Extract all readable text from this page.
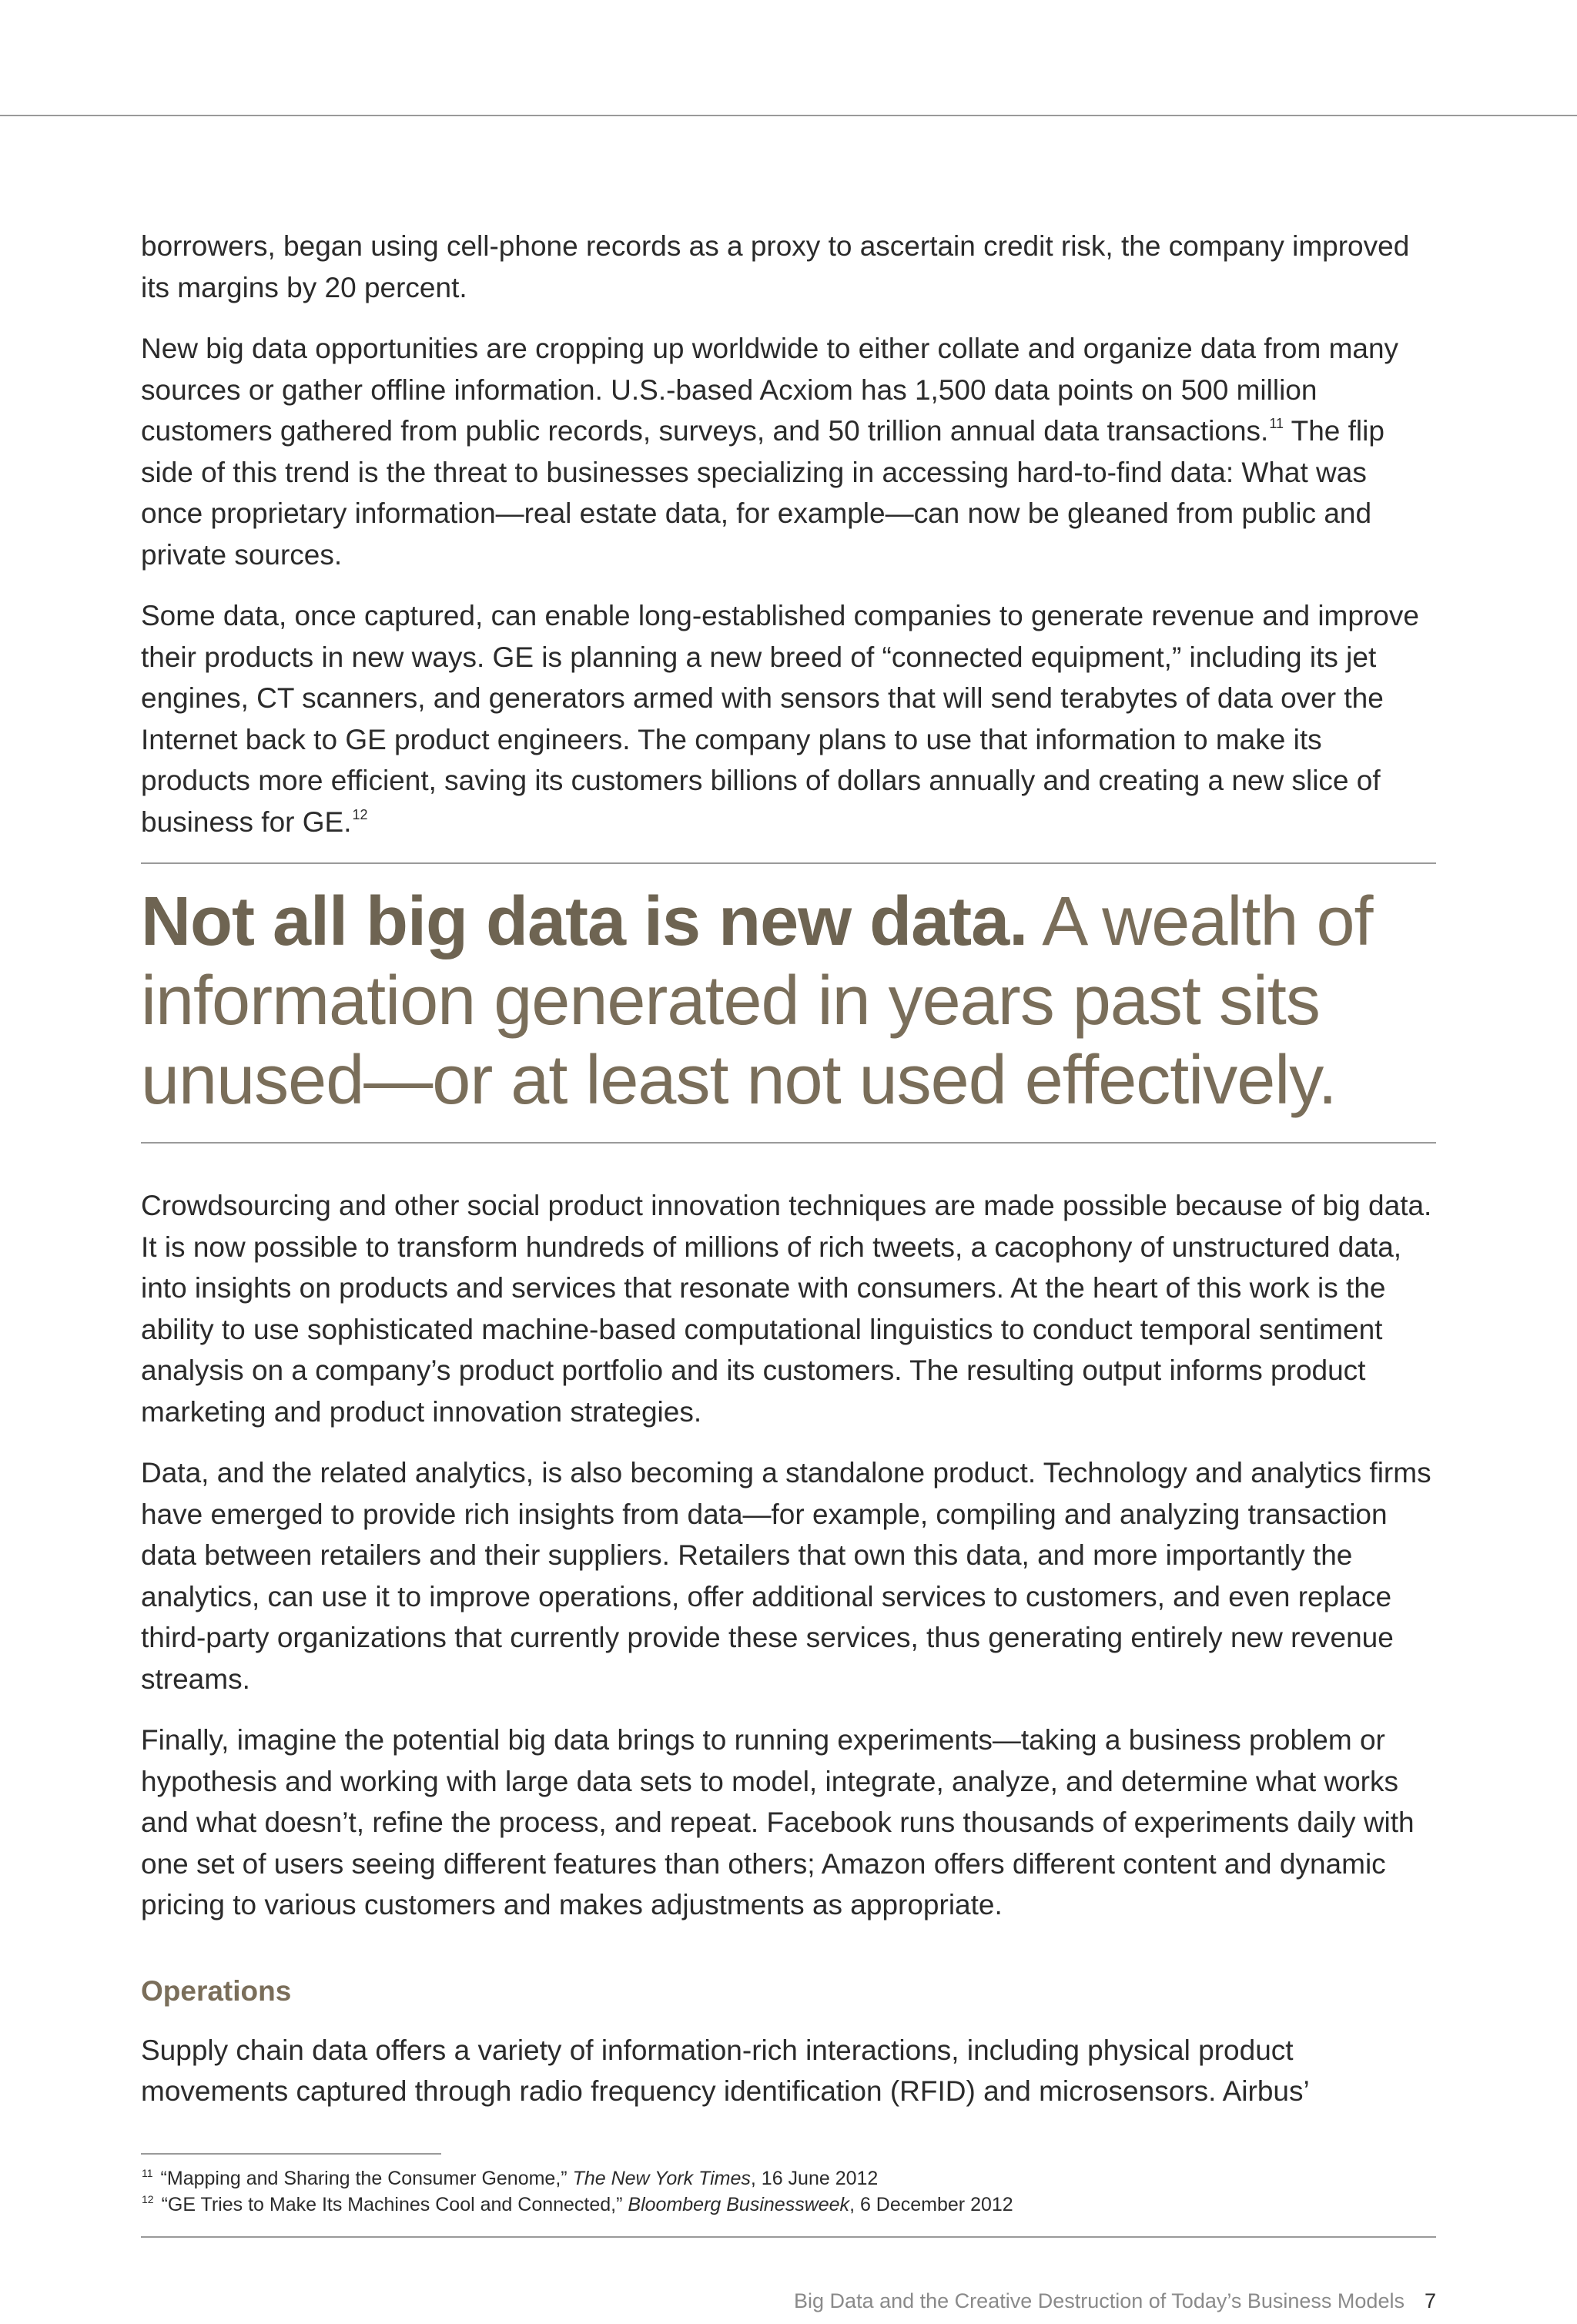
borrowers, began using cell-phone records as a proxy to ascertain credit risk, the company improved its margins by 20 percent.

New big data opportunities are cropping up worldwide to either collate and organize data from many sources or gather offline information. U.S.-based Acxiom has 1,500 data points on 500 million customers gathered from public records, surveys, and 50 trillion annual data transactions.$^{11}$ The flip side of this trend is the threat to businesses specializing in accessing hard-to-find data: What was once proprietary information—real estate data, for example—can now be gleaned from public and private sources.

Some data, once captured, can enable long-established companies to generate revenue and improve their products in new ways. GE is planning a new breed of “connected equipment,” including its jet engines, CT scanners, and generators armed with sensors that will send terabytes of data over the Internet back to GE product engineers. The company plans to use that information to make its products more efficient, saving its customers billions of dollars annually and creating a new slice of business for GE.$^{12}$

Not all big data is new data. A wealth of information generated in years past sits unused—or at least not used effectively.

Crowdsourcing and other social product innovation techniques are made possible because of big data. It is now possible to transform hundreds of millions of rich tweets, a cacophony of unstructured data, into insights on products and services that resonate with consumers. At the heart of this work is the ability to use sophisticated machine-based computational linguistics to conduct temporal sentiment analysis on a company’s product portfolio and its customers. The resulting output informs product marketing and product innovation strategies.

Data, and the related analytics, is also becoming a standalone product. Technology and analytics firms have emerged to provide rich insights from data—for example, compiling and analyzing transaction data between retailers and their suppliers. Retailers that own this data, and more importantly the analytics, can use it to improve operations, offer additional services to customers, and even replace third-party organizations that currently provide these services, thus generating entirely new revenue streams.

Finally, imagine the potential big data brings to running experiments—taking a business problem or hypothesis and working with large data sets to model, integrate, analyze, and determine what works and what doesn’t, refine the process, and repeat. Facebook runs thousands of experiments daily with one set of users seeing different features than others; Amazon offers different content and dynamic pricing to various customers and makes adjustments as appropriate.

Operations

Supply chain data offers a variety of information-rich interactions, including physical product movements captured through radio frequency identification (RFID) and microsensors. Airbus’

$^{11}$ “Mapping and Sharing the Consumer Genome,” The New York Times, 16 June 2012
$^{12}$ “GE Tries to Make Its Machines Cool and Connected,” Bloomberg Businessweek, 6 December 2012
Big Data and the Creative Destruction of Today’s Business Models 7
